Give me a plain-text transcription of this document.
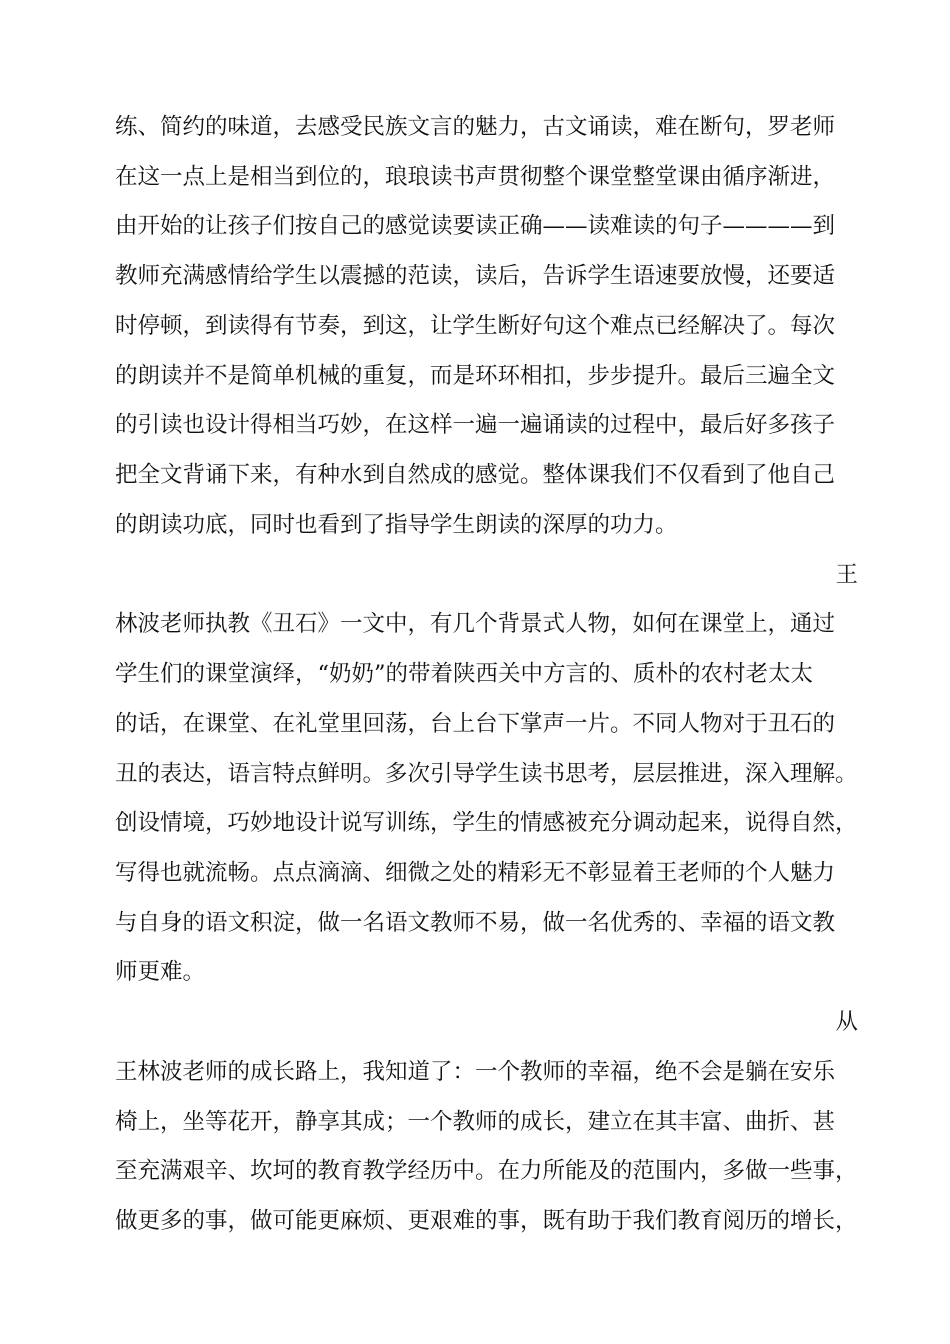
练、简约的味道，去感受民族文言的魅力，古文诵读，难在断句，罗老师
在这一点上是相当到位的，琅琅读书声贯彻整个课堂整堂课由循序渐进，
由开始的让孩子们按自己的感觉读要读正确——读难读的句子————到
教师充满感情给学生以震撼的范读，读后，告诉学生语速要放慢，还要适
时停顿，到读得有节奏，到这，让学生断好句这个难点已经解决了。每次
的朗读并不是简单机械的重复，而是环环相扣，步步提升。最后三遍全文
的引读也设计得相当巧妙，在这样一遍一遍诵读的过程中，最后好多孩子
把全文背诵下来，有种水到自然成的感觉。整体课我们不仅看到了他自己
的朗读功底，同时也看到了指导学生朗读的深厚的功力。
王
林波老师执教《丑石》一文中，有几个背景式人物，如何在课堂上，通过
学生们的课堂演绎，“奶奶”的带着陕西关中方言的、质朴的农村老太太
的话，在课堂、在礼堂里回荡，台上台下掌声一片。不同人物对于丑石的
丑的表达，语言特点鲜明。多次引导学生读书思考，层层推进，深入理解。
创设情境，巧妙地设计说写训练，学生的情感被充分调动起来，说得自然，
写得也就流畅。点点滴滴、细微之处的精彩无不彰显着王老师的个人魅力
与自身的语文积淀，做一名语文教师不易，做一名优秀的、幸福的语文教
师更难。
从
王林波老师的成长路上，我知道了：一个教师的幸福，绝不会是躺在安乐
椅上，坐等花开，静享其成；一个教师的成长，建立在其丰富、曲折、甚
至充满艰辛、坎坷的教育教学经历中。在力所能及的范围内，多做一些事，
做更多的事，做可能更麻烦、更艰难的事，既有助于我们教育阅历的增长，
